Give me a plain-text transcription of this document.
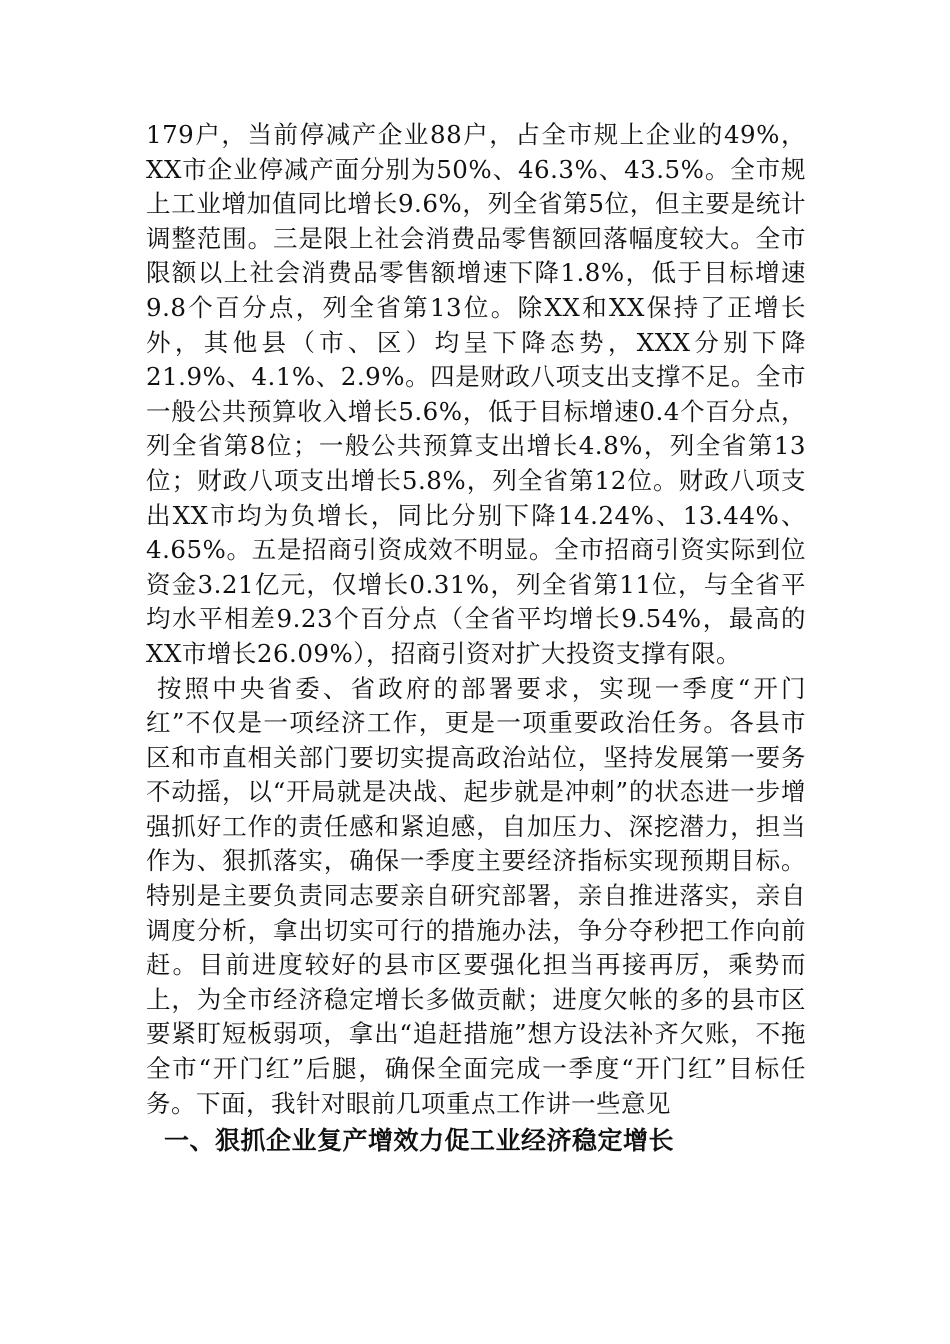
179户，当前停减产企业88户，占全市规上企业的49%，XX市企业停减产面分别为50%、46.3%、43.5%。全市规上工业增加值同比增长9.6%，列全省第5位，但主要是统计调整范围。三是限上社会消费品零售额回落幅度较大。全市限额以上社会消费品零售额增速下降1.8%，低于目标增速9.8个百分点，列全省第13位。除XX和XX保持了正增长外，其他县（市、区）均呈下降态势，XXX分别下降21.9%、4.1%、2.9%。四是财政八项支出支撑不足。全市一般公共预算收入增长5.6%，低于目标增速0.4个百分点，列全省第8位；一般公共预算支出增长4.8%，列全省第13位；财政八项支出增长5.8%，列全省第12位。财政八项支出XX市均为负增长，同比分别下降14.24%、13.44%、4.65%。五是招商引资成效不明显。全市招商引资实际到位资金3.21亿元，仅增长0.31%，列全省第11位，与全省平均水平相差9.23个百分点（全省平均增长9.54%，最高的XX市增长26.09%），招商引资对扩大投资支撑有限。

按照中央省委、省政府的部署要求，实现一季度“开门红”不仅是一项经济工作，更是一项重要政治任务。各县市区和市直相关部门要切实提高政治站位，坚持发展第一要务不动摇，以“开局就是决战、起步就是冲刺”的状态进一步增强抓好工作的责任感和紧迫感，自加压力、深挖潜力，担当作为、狠抓落实，确保一季度主要经济指标实现预期目标。特别是主要负责同志要亲自研究部署，亲自推进落实，亲自调度分析，拿出切实可行的措施办法，争分夺秒把工作向前赶。目前进度较好的县市区要强化担当再接再厉，乘势而上，为全市经济稳定增长多做贡献；进度欠帐的多的县市区要紧盯短板弱项，拿出“追赶措施”想方设法补齐欠账，不拖全市“开门红”后腿，确保全面完成一季度“开门红”目标任务。下面，我针对眼前几项重点工作讲一些意见

一、狠抓企业复产增效力促工业经济稳定增长
